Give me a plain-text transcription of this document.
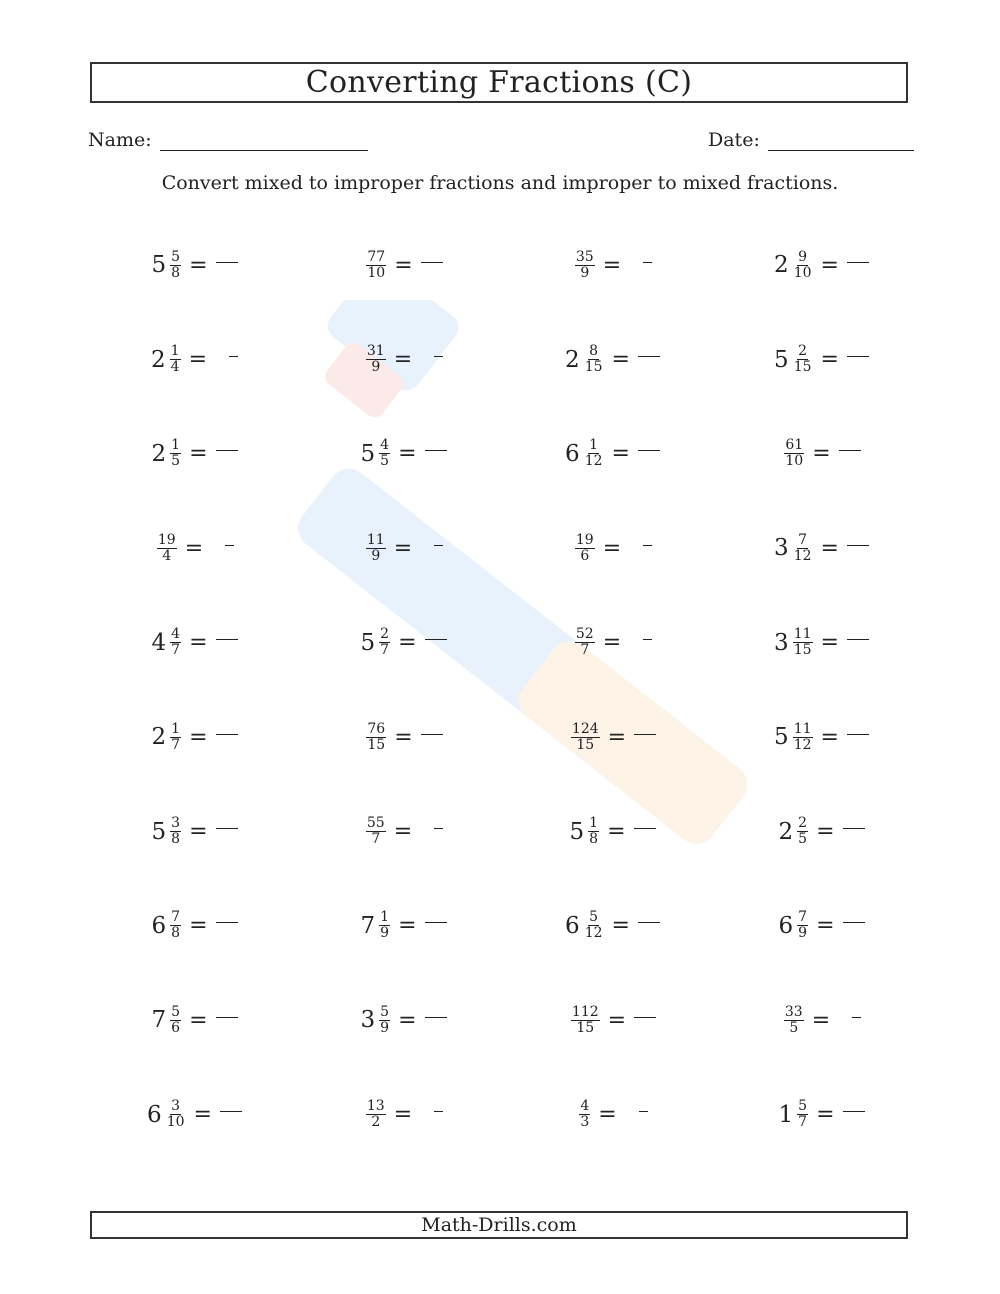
Converting Fractions (C)
Name:	Date:
Convert mixed to improper fractions and improper to mixed fractions.
$5 \frac{5}{8}$ =	$\frac{77}{10}$ =	$\frac{35}{9}$ =	$2 \frac{9}{10}$ =
$2 \frac{1}{4}$ =	$\frac{31}{9}$ =	$2 \frac{8}{15}$ =	$5 \frac{2}{15}$ =
$2 \frac{1}{5}$ =	$5 \frac{4}{5}$ =	$6 \frac{1}{12}$ =	$\frac{61}{10}$ =
$\frac{19}{4}$ =	$\frac{11}{9}$ =	$\frac{19}{6}$ =	$3 \frac{7}{12}$ =
$4 \frac{4}{7}$ =	$5 \frac{2}{7}$ =	$\frac{52}{7}$ =	$3 \frac{11}{15}$ =
$2 \frac{1}{7}$ =	$\frac{76}{15}$ =	$\frac{124}{15}$ =	$5 \frac{11}{12}$ =
$5 \frac{3}{8}$ =	$\frac{55}{7}$ =	$5 \frac{1}{8}$ =	$2 \frac{2}{5}$ =
$6 \frac{7}{8}$ =	$7 \frac{1}{9}$ =	$6 \frac{5}{12}$ =	$6 \frac{7}{9}$ =
$7 \frac{5}{6}$ =	$3 \frac{5}{9}$ =	$\frac{112}{15}$ =	$\frac{33}{5}$ =
$6 \frac{3}{10}$ =	$\frac{13}{2}$ =	$\frac{4}{3}$ =	$1 \frac{5}{7}$ =
Math-Drills.com
